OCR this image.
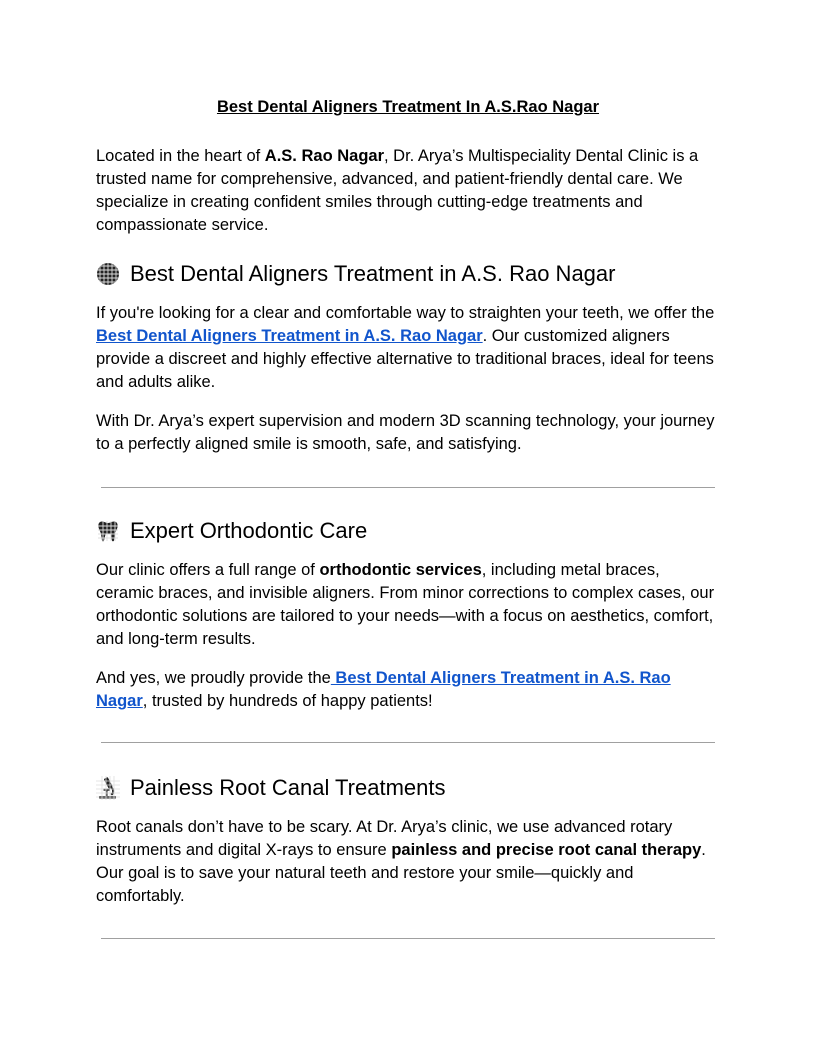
Best Dental Aligners Treatment In A.S.Rao Nagar

Located in the heart of A.S. Rao Nagar, Dr. Arya’s Multispeciality Dental Clinic is a trusted name for comprehensive, advanced, and patient-friendly dental care. We specialize in creating confident smiles through cutting-edge treatments and compassionate service.

Best Dental Aligners Treatment in A.S. Rao Nagar

If you're looking for a clear and comfortable way to straighten your teeth, we offer the Best Dental Aligners Treatment in A.S. Rao Nagar. Our customized aligners provide a discreet and highly effective alternative to traditional braces, ideal for teens and adults alike.

With Dr. Arya’s expert supervision and modern 3D scanning technology, your journey to a perfectly aligned smile is smooth, safe, and satisfying.

Expert Orthodontic Care

Our clinic offers a full range of orthodontic services, including metal braces, ceramic braces, and invisible aligners. From minor corrections to complex cases, our orthodontic solutions are tailored to your needs—with a focus on aesthetics, comfort, and long-term results.

And yes, we proudly provide the Best Dental Aligners Treatment in A.S. Rao Nagar, trusted by hundreds of happy patients!

Painless Root Canal Treatments

Root canals don’t have to be scary. At Dr. Arya’s clinic, we use advanced rotary instruments and digital X-rays to ensure painless and precise root canal therapy. Our goal is to save your natural teeth and restore your smile—quickly and comfortably.
